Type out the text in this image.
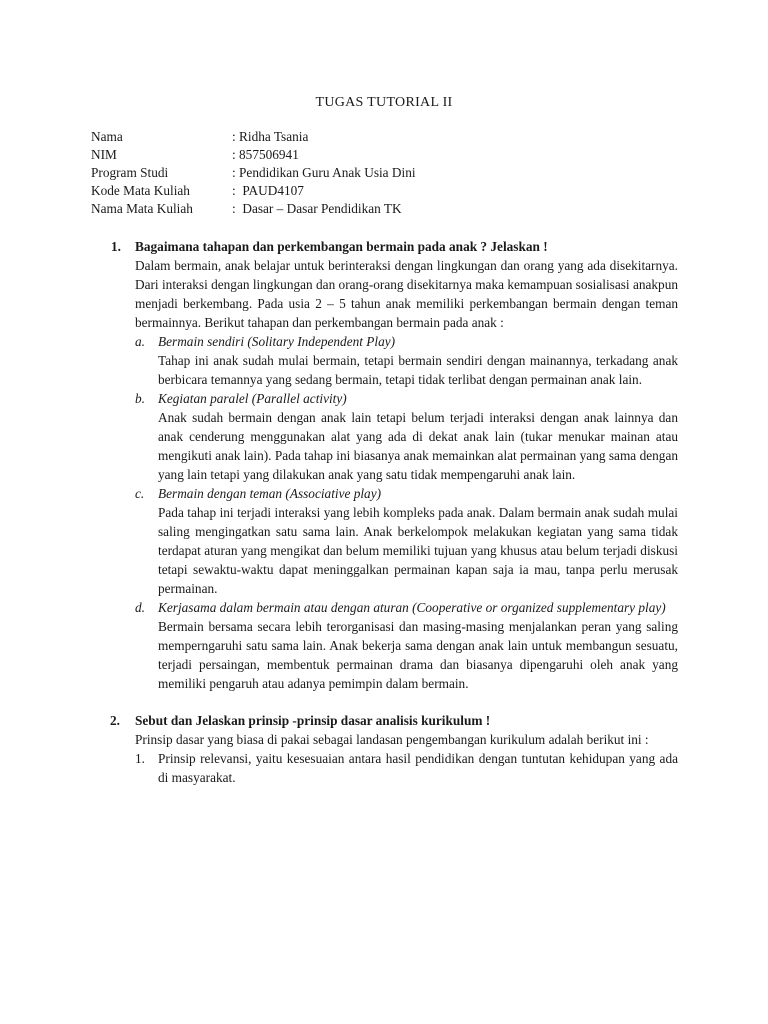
TUGAS TUTORIAL II
Nama	: Ridha Tsania
NIM	: 857506941
Program Studi	: Pendidikan Guru Anak Usia Dini
Kode Mata Kuliah	:  PAUD4107
Nama Mata Kuliah	:  Dasar – Dasar Pendidikan TK
1. Bagaimana tahapan dan perkembangan bermain pada anak ? Jelaskan !
Dalam bermain, anak belajar untuk berinteraksi dengan lingkungan dan orang yang ada disekitarnya. Dari interaksi dengan lingkungan dan orang-orang disekitarnya maka kemampuan sosialisasi anakpun menjadi berkembang. Pada usia 2 – 5 tahun anak memiliki perkembangan bermain dengan teman bermainnya. Berikut tahapan dan perkembangan bermain pada anak :
a. Bermain sendiri (Solitary Independent Play)
Tahap ini anak sudah mulai bermain, tetapi bermain sendiri dengan mainannya, terkadang anak berbicara temannya yang sedang bermain, tetapi tidak terlibat dengan permainan anak lain.
b. Kegiatan paralel (Parallel activity)
Anak sudah bermain dengan anak lain tetapi belum terjadi interaksi dengan anak lainnya dan anak cenderung menggunakan alat yang ada di dekat anak lain (tukar menukar mainan atau mengikuti anak lain). Pada tahap ini biasanya anak memainkan alat permainan yang sama dengan yang lain tetapi yang dilakukan anak yang satu tidak mempengaruhi anak lain.
c. Bermain dengan teman (Associative play)
Pada tahap ini terjadi interaksi yang lebih kompleks pada anak. Dalam bermain anak sudah mulai saling mengingatkan satu sama lain. Anak berkelompok melakukan kegiatan yang sama tidak terdapat aturan yang mengikat dan belum memiliki tujuan yang khusus atau belum terjadi diskusi tetapi sewaktu-waktu dapat meninggalkan permainan kapan saja ia mau, tanpa perlu merusak permainan.
d. Kerjasama dalam bermain atau dengan aturan (Cooperative or organized supplementary play)
Bermain bersama secara lebih terorganisasi dan masing-masing menjalankan peran yang saling memperngaruhi satu sama lain. Anak bekerja sama dengan anak lain untuk membangun sesuatu, terjadi persaingan, membentuk permainan drama dan biasanya dipengaruhi oleh anak yang memiliki pengaruh atau adanya pemimpin dalam bermain.
2. Sebut dan Jelaskan prinsip -prinsip dasar analisis kurikulum !
Prinsip dasar yang biasa di pakai sebagai landasan pengembangan kurikulum adalah berikut ini :
1. Prinsip relevansi, yaitu kesesuaian antara hasil pendidikan dengan tuntutan kehidupan yang ada di masyarakat.
